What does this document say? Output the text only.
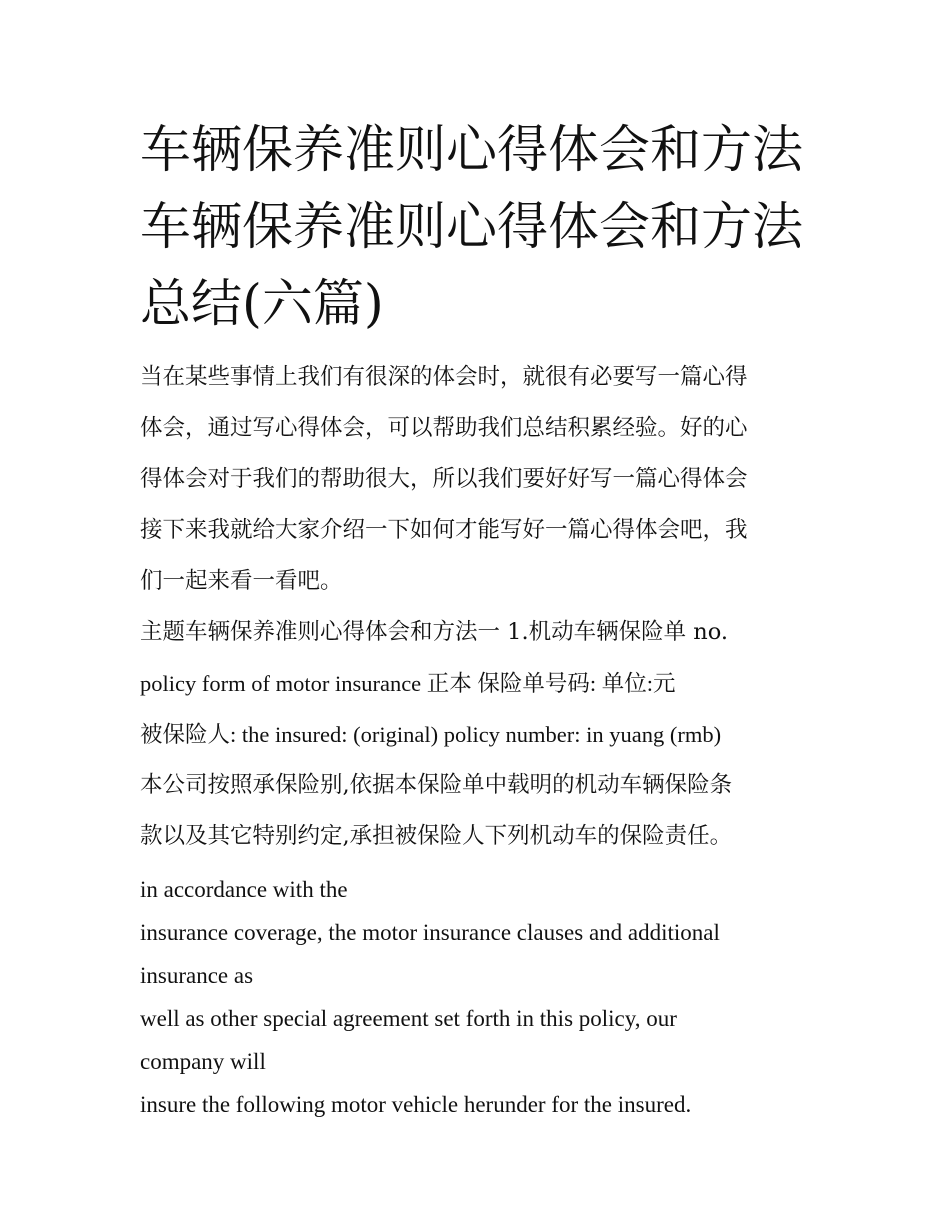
车辆保养准则心得体会和方法
车辆保养准则心得体会和方法
总结(六篇)
当在某些事情上我们有很深的体会时，就很有必要写一篇心得
体会，通过写心得体会，可以帮助我们总结积累经验。好的心
得体会对于我们的帮助很大，所以我们要好好写一篇心得体会
接下来我就给大家介绍一下如何才能写好一篇心得体会吧，我
们一起来看一看吧。
主题车辆保养准则心得体会和方法一 1.机动车辆保险单 no.
policy form of motor insurance 正本 保险单号码: 单位:元
被保险人: the insured: (original) policy number: in yuang (rmb)
本公司按照承保险别,依据本保险单中载明的机动车辆保险条
款以及其它特别约定,承担被保险人下列机动车的保险责任。
in accordance with the
insurance coverage, the motor insurance clauses and additional
insurance as
well as other special agreement set forth in this policy, our
company will
insure the following motor vehicle herunder for the insured.
